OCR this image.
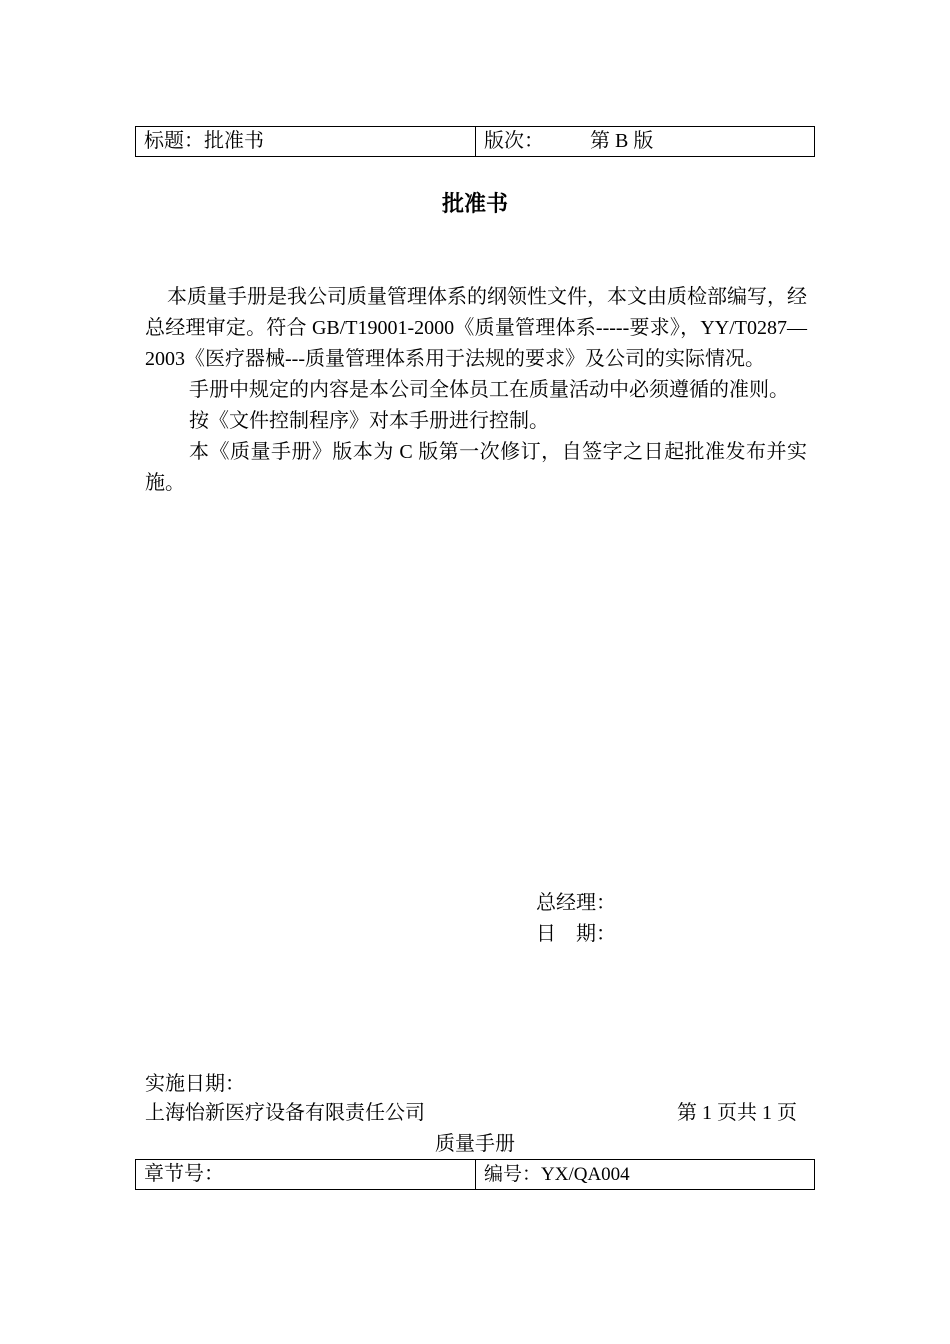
标题：批准书	版次： 第 B 版
批准书

本质量手册是我公司质量管理体系的纲领性文件，本文由质检部编写，经总经理审定。符合 GB/T19001-2000《质量管理体系-----要求》，YY/T0287—2003《医疗器械---质量管理体系用于法规的要求》及公司的实际情况。

手册中规定的内容是本公司全体员工在质量活动中必须遵循的准则。

按《文件控制程序》对本手册进行控制。

本《质量手册》版本为 C 版第一次修订，自签字之日起批准发布并实施。

总经理：
日    期：
实施日期：
上海怡新医疗设备有限责任公司	第 1 页共 1 页
质量手册
章节号：	编号：YX/QA004
